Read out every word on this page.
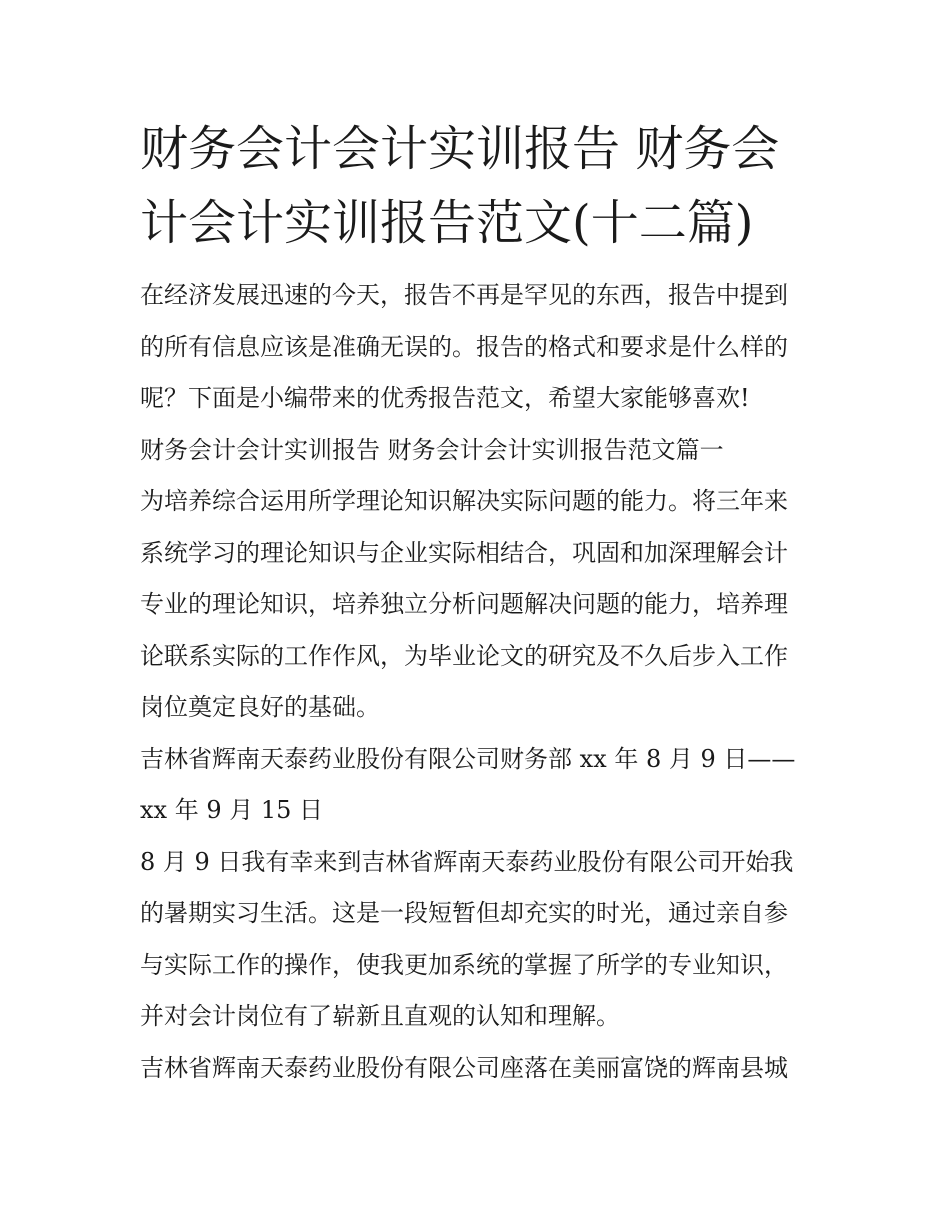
财务会计会计实训报告 财务会
计会计实训报告范文(十二篇)
在经济发展迅速的今天，报告不再是罕见的东西，报告中提到
的所有信息应该是准确无误的。报告的格式和要求是什么样的
呢？下面是小编带来的优秀报告范文，希望大家能够喜欢!
财务会计会计实训报告 财务会计会计实训报告范文篇一
为培养综合运用所学理论知识解决实际问题的能力。将三年来
系统学习的理论知识与企业实际相结合，巩固和加深理解会计
专业的理论知识，培养独立分析问题解决问题的能力，培养理
论联系实际的工作作风，为毕业论文的研究及不久后步入工作
岗位奠定良好的基础。
吉林省辉南天泰药业股份有限公司财务部 xx 年 8 月 9 日——
xx 年 9 月 15 日
8 月 9 日我有幸来到吉林省辉南天泰药业股份有限公司开始我
的暑期实习生活。这是一段短暂但却充实的时光，通过亲自参
与实际工作的操作，使我更加系统的掌握了所学的专业知识，
并对会计岗位有了崭新且直观的认知和理解。
吉林省辉南天泰药业股份有限公司座落在美丽富饶的辉南县城
